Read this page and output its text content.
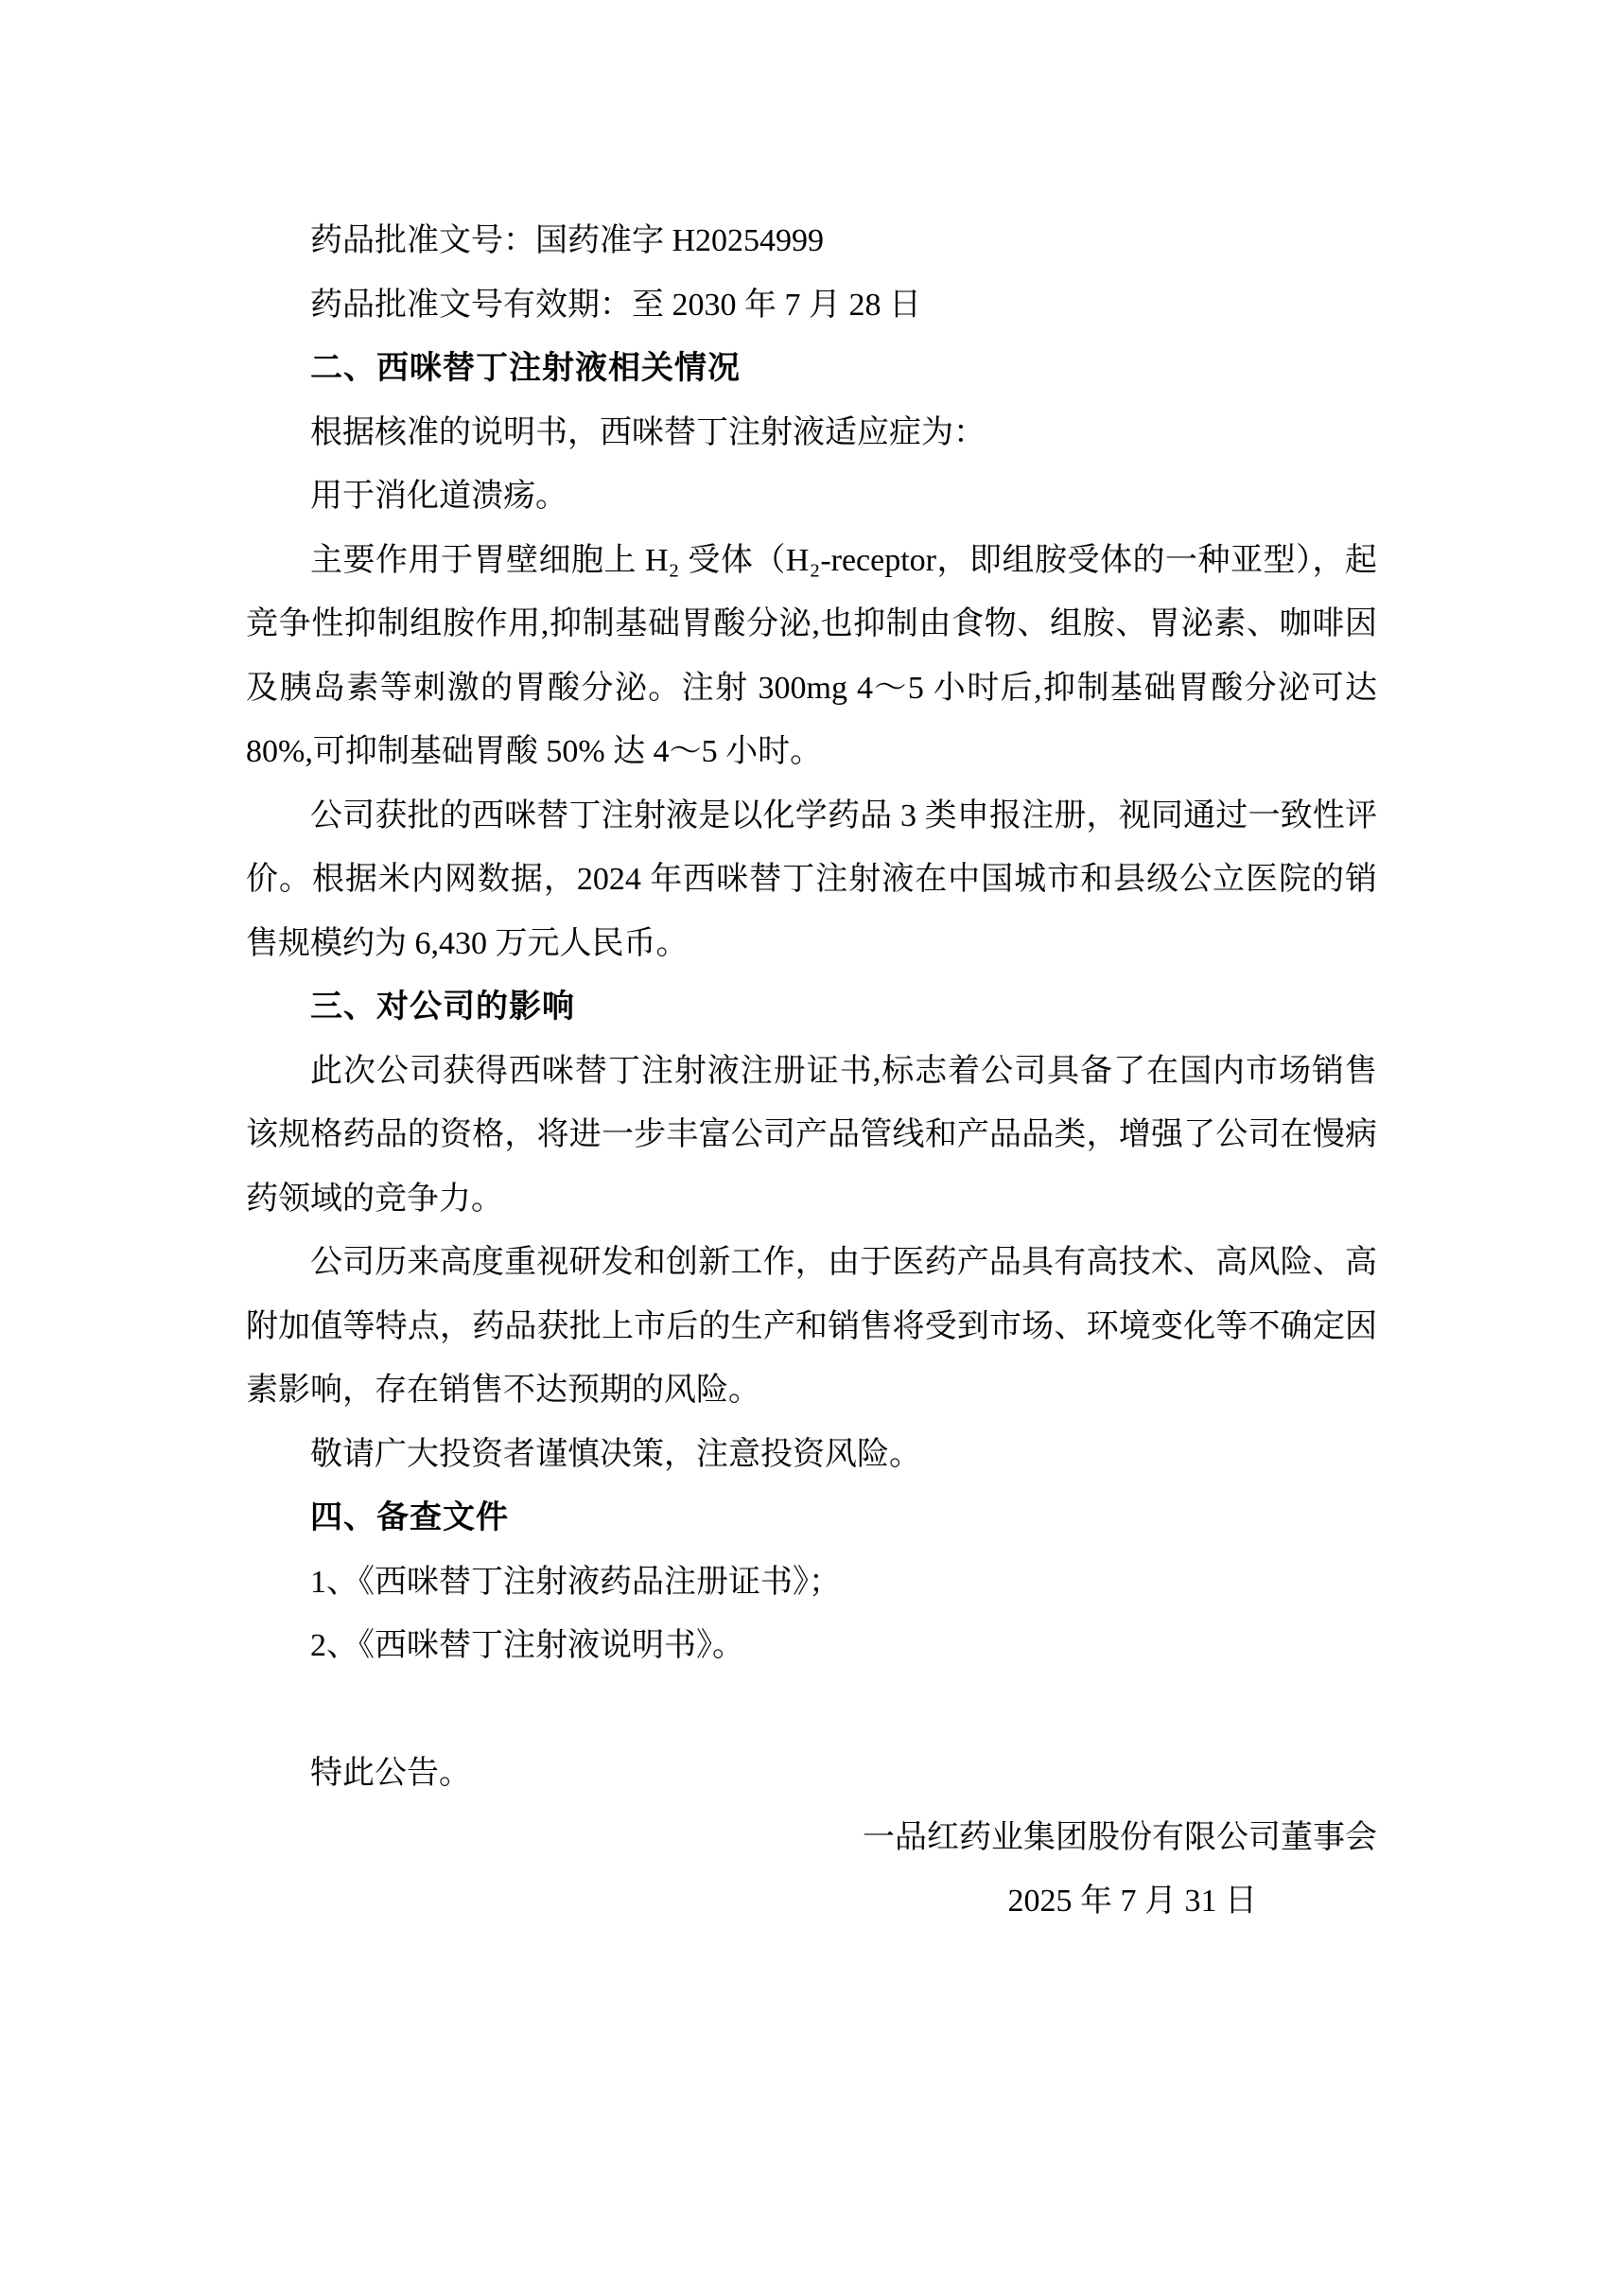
药品批准文号：国药准字 H20254999
药品批准文号有效期：至 2030 年 7 月 28 日
二、西咪替丁注射液相关情况
根据核准的说明书，西咪替丁注射液适应症为：
用于消化道溃疡。
主要作用于胃壁细胞上 H₂ 受体（H₂-receptor，即组胺受体的一种亚型），起
竞争性抑制组胺作用,抑制基础胃酸分泌,也抑制由食物、组胺、胃泌素、咖啡因
及胰岛素等刺激的胃酸分泌。注射 300mg 4～5 小时后,抑制基础胃酸分泌可达
80%,可抑制基础胃酸 50% 达 4～5 小时。
公司获批的西咪替丁注射液是以化学药品 3 类申报注册，视同通过一致性评
价。根据米内网数据，2024 年西咪替丁注射液在中国城市和县级公立医院的销
售规模约为 6,430 万元人民币。
三、对公司的影响
此次公司获得西咪替丁注射液注册证书,标志着公司具备了在国内市场销售
该规格药品的资格，将进一步丰富公司产品管线和产品品类，增强了公司在慢病
药领域的竞争力。
公司历来高度重视研发和创新工作，由于医药产品具有高技术、高风险、高
附加值等特点，药品获批上市后的生产和销售将受到市场、环境变化等不确定因
素影响，存在销售不达预期的风险。
敬请广大投资者谨慎决策，注意投资风险。
四、备查文件
1、《西咪替丁注射液药品注册证书》；
2、《西咪替丁注射液说明书》。
特此公告。
一品红药业集团股份有限公司董事会
2025 年 7 月 31 日
